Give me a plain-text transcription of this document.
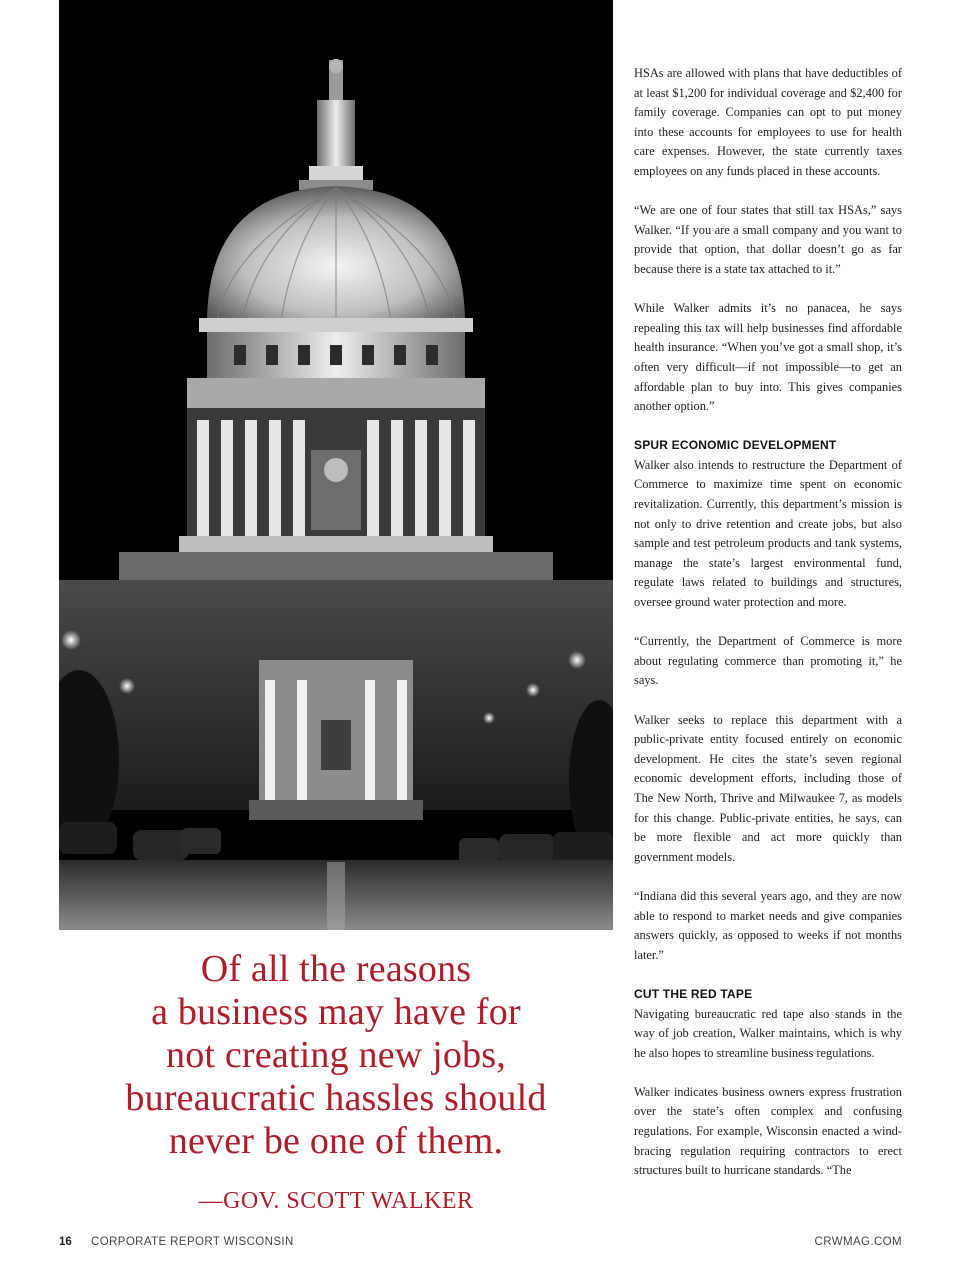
Of all the reasons
a business may have for
not creating new jobs,
bureaucratic hassles should
never be one of them.
—GOV. SCOTT WALKER

HSAs are allowed with plans that have deductibles of at least $1,200 for individual coverage and $2,400 for family coverage. Companies can opt to put money into these accounts for employees to use for health care expenses. However, the state currently taxes employees on any funds placed in these accounts.

“We are one of four states that still tax HSAs,” says Walker. “If you are a small company and you want to provide that option, that dollar doesn’t go as far because there is a state tax attached to it.”

While Walker admits it’s no panacea, he says repealing this tax will help businesses find affordable health insurance. “When you’ve got a small shop, it’s often very difficult—if not impossible—to get an affordable plan to buy into. This gives companies another option.”

SPUR ECONOMIC DEVELOPMENT

Walker also intends to restructure the Department of Commerce to maximize time spent on economic revitalization. Currently, this department’s mission is not only to drive retention and create jobs, but also sample and test petroleum products and tank systems, manage the state’s largest environmental fund, regulate laws related to buildings and structures, oversee ground water protection and more.

“Currently, the Department of Commerce is more about regulating commerce than promoting it,” he says.

Walker seeks to replace this department with a public-private entity focused entirely on economic development. He cites the state’s seven regional economic development efforts, including those of The New North, Thrive and Milwaukee 7, as models for this change. Public-private entities, he says, can be more flexible and act more quickly than government models.

“Indiana did this several years ago, and they are now able to respond to market needs and give companies answers quickly, as opposed to weeks if not months later.”

CUT THE RED TAPE

Navigating bureaucratic red tape also stands in the way of job creation, Walker maintains, which is why he also hopes to streamline business regulations.

Walker indicates business owners express frustration over the state’s often complex and confusing regulations. For example, Wisconsin enacted a wind-bracing regulation requiring contractors to erect structures built to hurricane standards. “The

16 CORPORATE REPORT WISCONSIN	CRWMAG.COM
